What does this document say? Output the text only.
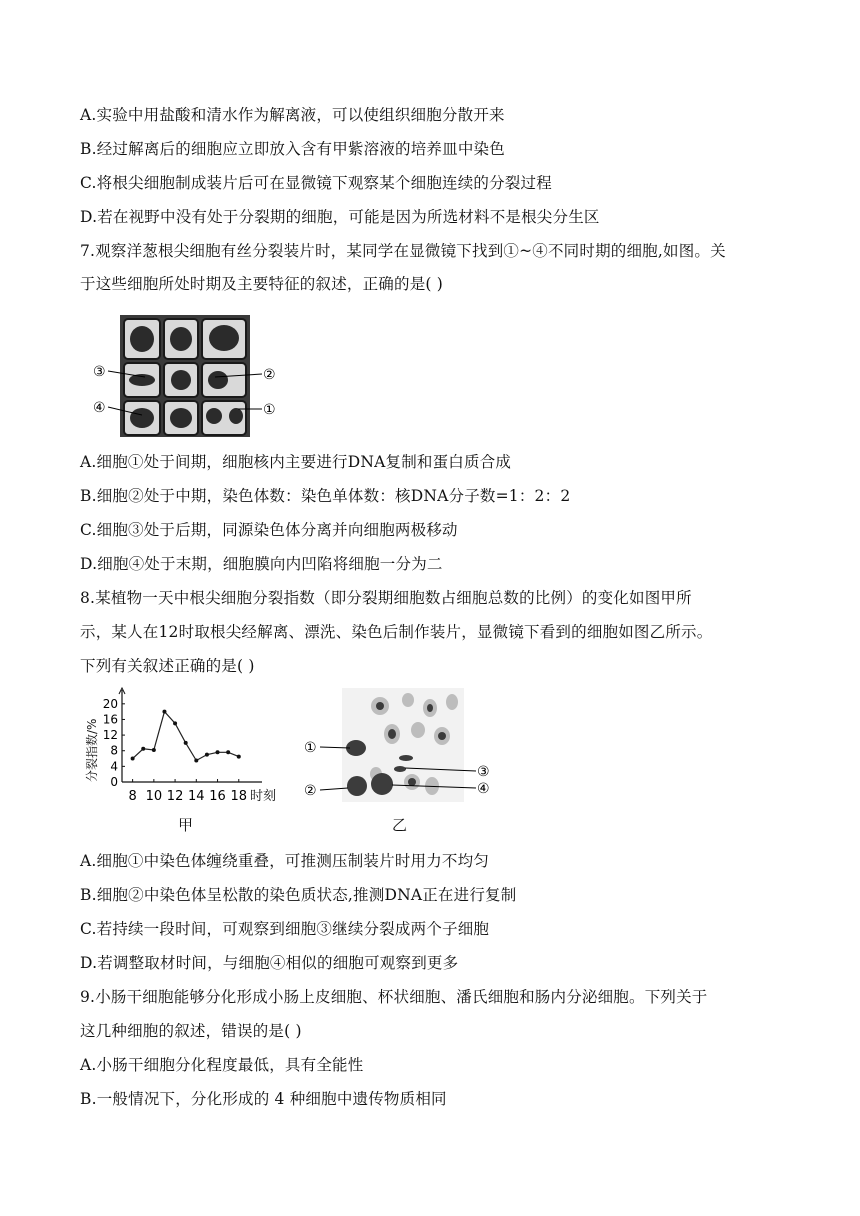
A.实验中用盐酸和清水作为解离液，可以使组织细胞分散开来
B.经过解离后的细胞应立即放入含有甲紫溶液的培养皿中染色
C.将根尖细胞制成装片后可在显微镜下观察某个细胞连续的分裂过程
D.若在视野中没有处于分裂期的细胞，可能是因为所选材料不是根尖分生区
7.观察洋葱根尖细胞有丝分裂装片时，某同学在显微镜下找到①~④不同时期的细胞,如图。关
于这些细胞所处时期及主要特征的叙述，正确的是( )
③
④
②
①
A.细胞①处于间期，细胞核内主要进行DNA复制和蛋白质合成
B.细胞②处于中期，染色体数：染色单体数：核DNA分子数=1：2：2
C.细胞③处于后期，同源染色体分离并向细胞两极移动
D.细胞④处于末期，细胞膜向内凹陷将细胞一分为二
8.某植物一天中根尖细胞分裂指数（即分裂期细胞数占细胞总数的比例）的变化如图甲所
示，某人在12时取根尖经解离、漂洗、染色后制作装片，显微镜下看到的细胞如图乙所示。
下列有关叙述正确的是( )
分裂指数/%
时刻
甲
0
4
8
12
16
20
8 10 12 14 16 18
①
②
③
④
乙
A.细胞①中染色体缠绕重叠，可推测压制装片时用力不均匀
B.细胞②中染色体呈松散的染色质状态,推测DNA正在进行复制
C.若持续一段时间，可观察到细胞③继续分裂成两个子细胞
D.若调整取材时间，与细胞④相似的细胞可观察到更多
9.小肠干细胞能够分化形成小肠上皮细胞、杯状细胞、潘氏细胞和肠内分泌细胞。下列关于
这几种细胞的叙述，错误的是( )
A.小肠干细胞分化程度最低，具有全能性
B.一般情况下，分化形成的 4 种细胞中遗传物质相同
